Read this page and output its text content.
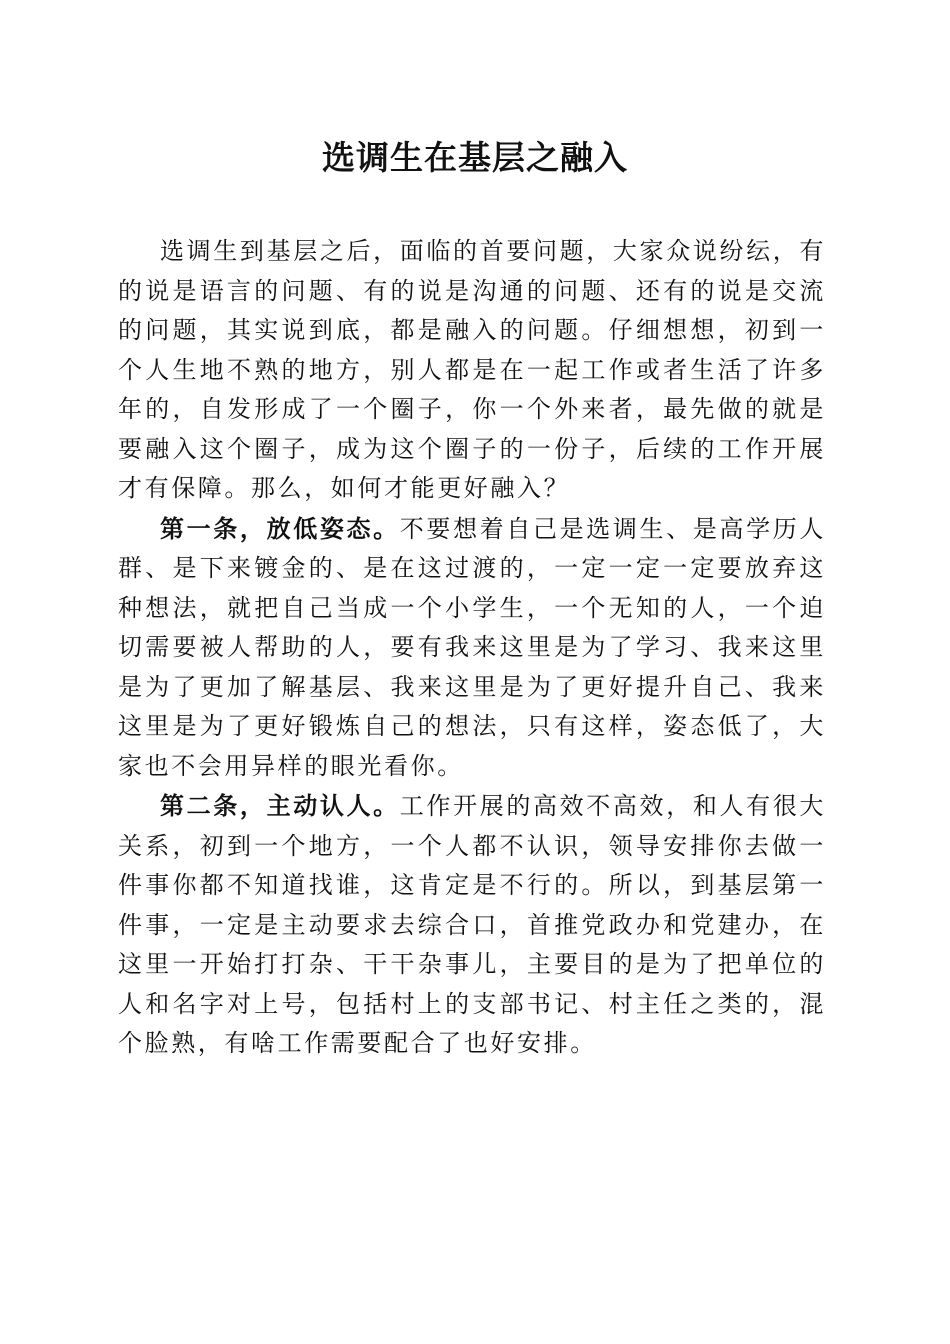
选调生在基层之融入

选调生到基层之后，面临的首要问题，大家众说纷纭，有的说是语言的问题、有的说是沟通的问题、还有的说是交流的问题，其实说到底，都是融入的问题。仔细想想，初到一个人生地不熟的地方，别人都是在一起工作或者生活了许多年的，自发形成了一个圈子，你一个外来者，最先做的就是要融入这个圈子，成为这个圈子的一份子，后续的工作开展才有保障。那么，如何才能更好融入？

第一条，放低姿态。不要想着自己是选调生、是高学历人群、是下来镀金的、是在这过渡的，一定一定一定要放弃这种想法，就把自己当成一个小学生，一个无知的人，一个迫切需要被人帮助的人，要有我来这里是为了学习、我来这里是为了更加了解基层、我来这里是为了更好提升自己、我来这里是为了更好锻炼自己的想法，只有这样，姿态低了，大家也不会用异样的眼光看你。

第二条，主动认人。工作开展的高效不高效，和人有很大关系，初到一个地方，一个人都不认识，领导安排你去做一件事你都不知道找谁，这肯定是不行的。所以，到基层第一件事，一定是主动要求去综合口，首推党政办和党建办，在这里一开始打打杂、干干杂事儿，主要目的是为了把单位的人和名字对上号，包括村上的支部书记、村主任之类的，混个脸熟，有啥工作需要配合了也好安排。
